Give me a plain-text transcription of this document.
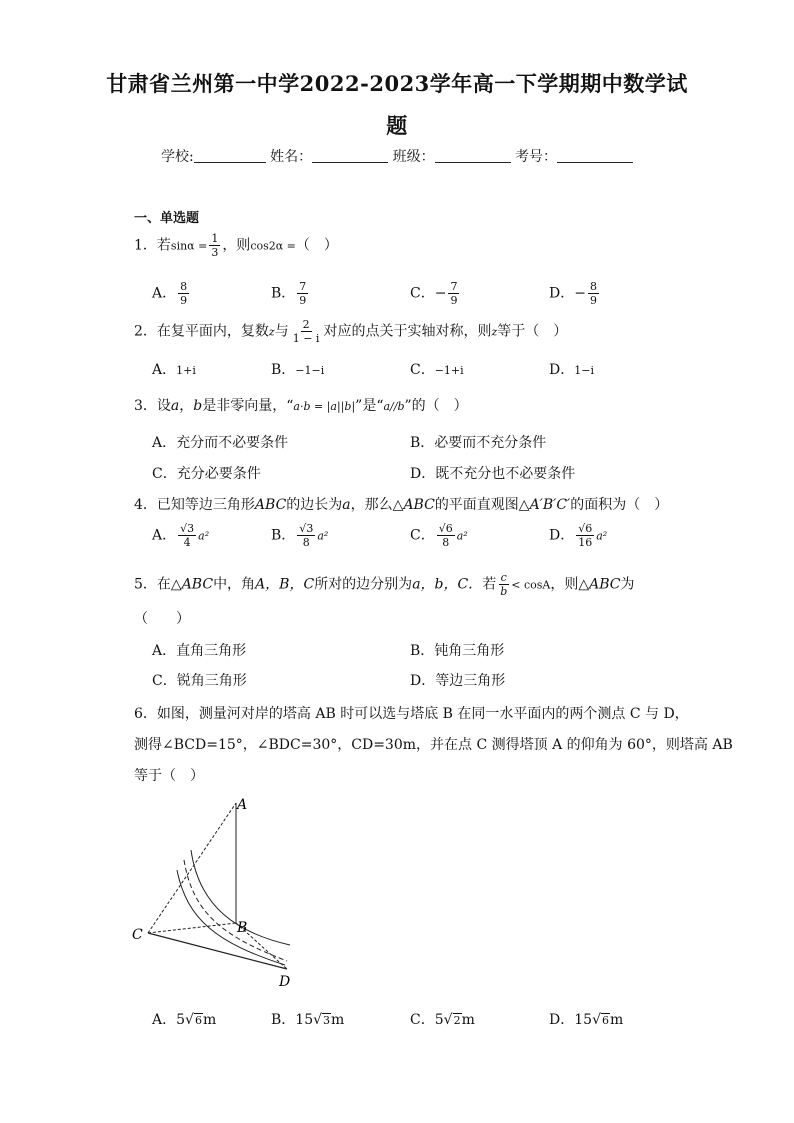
甘肃省兰州第一中学2022-2023学年高一下学期期中数学试
题
学校:	姓名：	班级：	考号：
一、单选题
1．若$\sin\alpha = \frac{1}{3}$ ，则cos2α =（　）
A． $\frac{8}{9}$	B． $\frac{7}{9}$	C．− $\frac{7}{9}$	D．− $\frac{8}{9}$
2．在复平面内，复数z与 $\frac{2}{1 - i}$ 对应的点关于实轴对称，则z等于（　）
A．1+i	B．−1−i	C．−1+i	D．1−i
3．设a，b是非零向量，“a·b = |a||b|”是“a//b”的（　）
A．充分而不必要条件	B．必要而不充分条件
C．充分必要条件	D．既不充分也不必要条件
4．已知等边三角形ABC的边长为a，那么△ABC的平面直观图△A′B′C′的面积为（　）
A． $\frac{√3}{4} a^2$	B． $\frac{√3}{8} a^2$	C． $\frac{√6}{8} a^2$	D． $\frac{√6}{16} a^2$
5．在△ABC中，角A，B，C所对的边分别为a，b，C．若 $\frac{c}{b} < \cos A$，则△ABC为
（　　）
A．直角三角形	B．钝角三角形
C．锐角三角形	D．等边三角形
6．如图，测量河对岸的塔高 AB 时可以选与塔底 B 在同一水平面内的两个测点 C 与 D，
测得∠BCD=15°，∠BDC=30°，CD=30m，并在点 C 测得塔顶 A 的仰角为 60°，则塔高 AB
等于（　）
A
B
C
D
A．5√6m	B．15√3m	C．5√2m	D．15√6m
